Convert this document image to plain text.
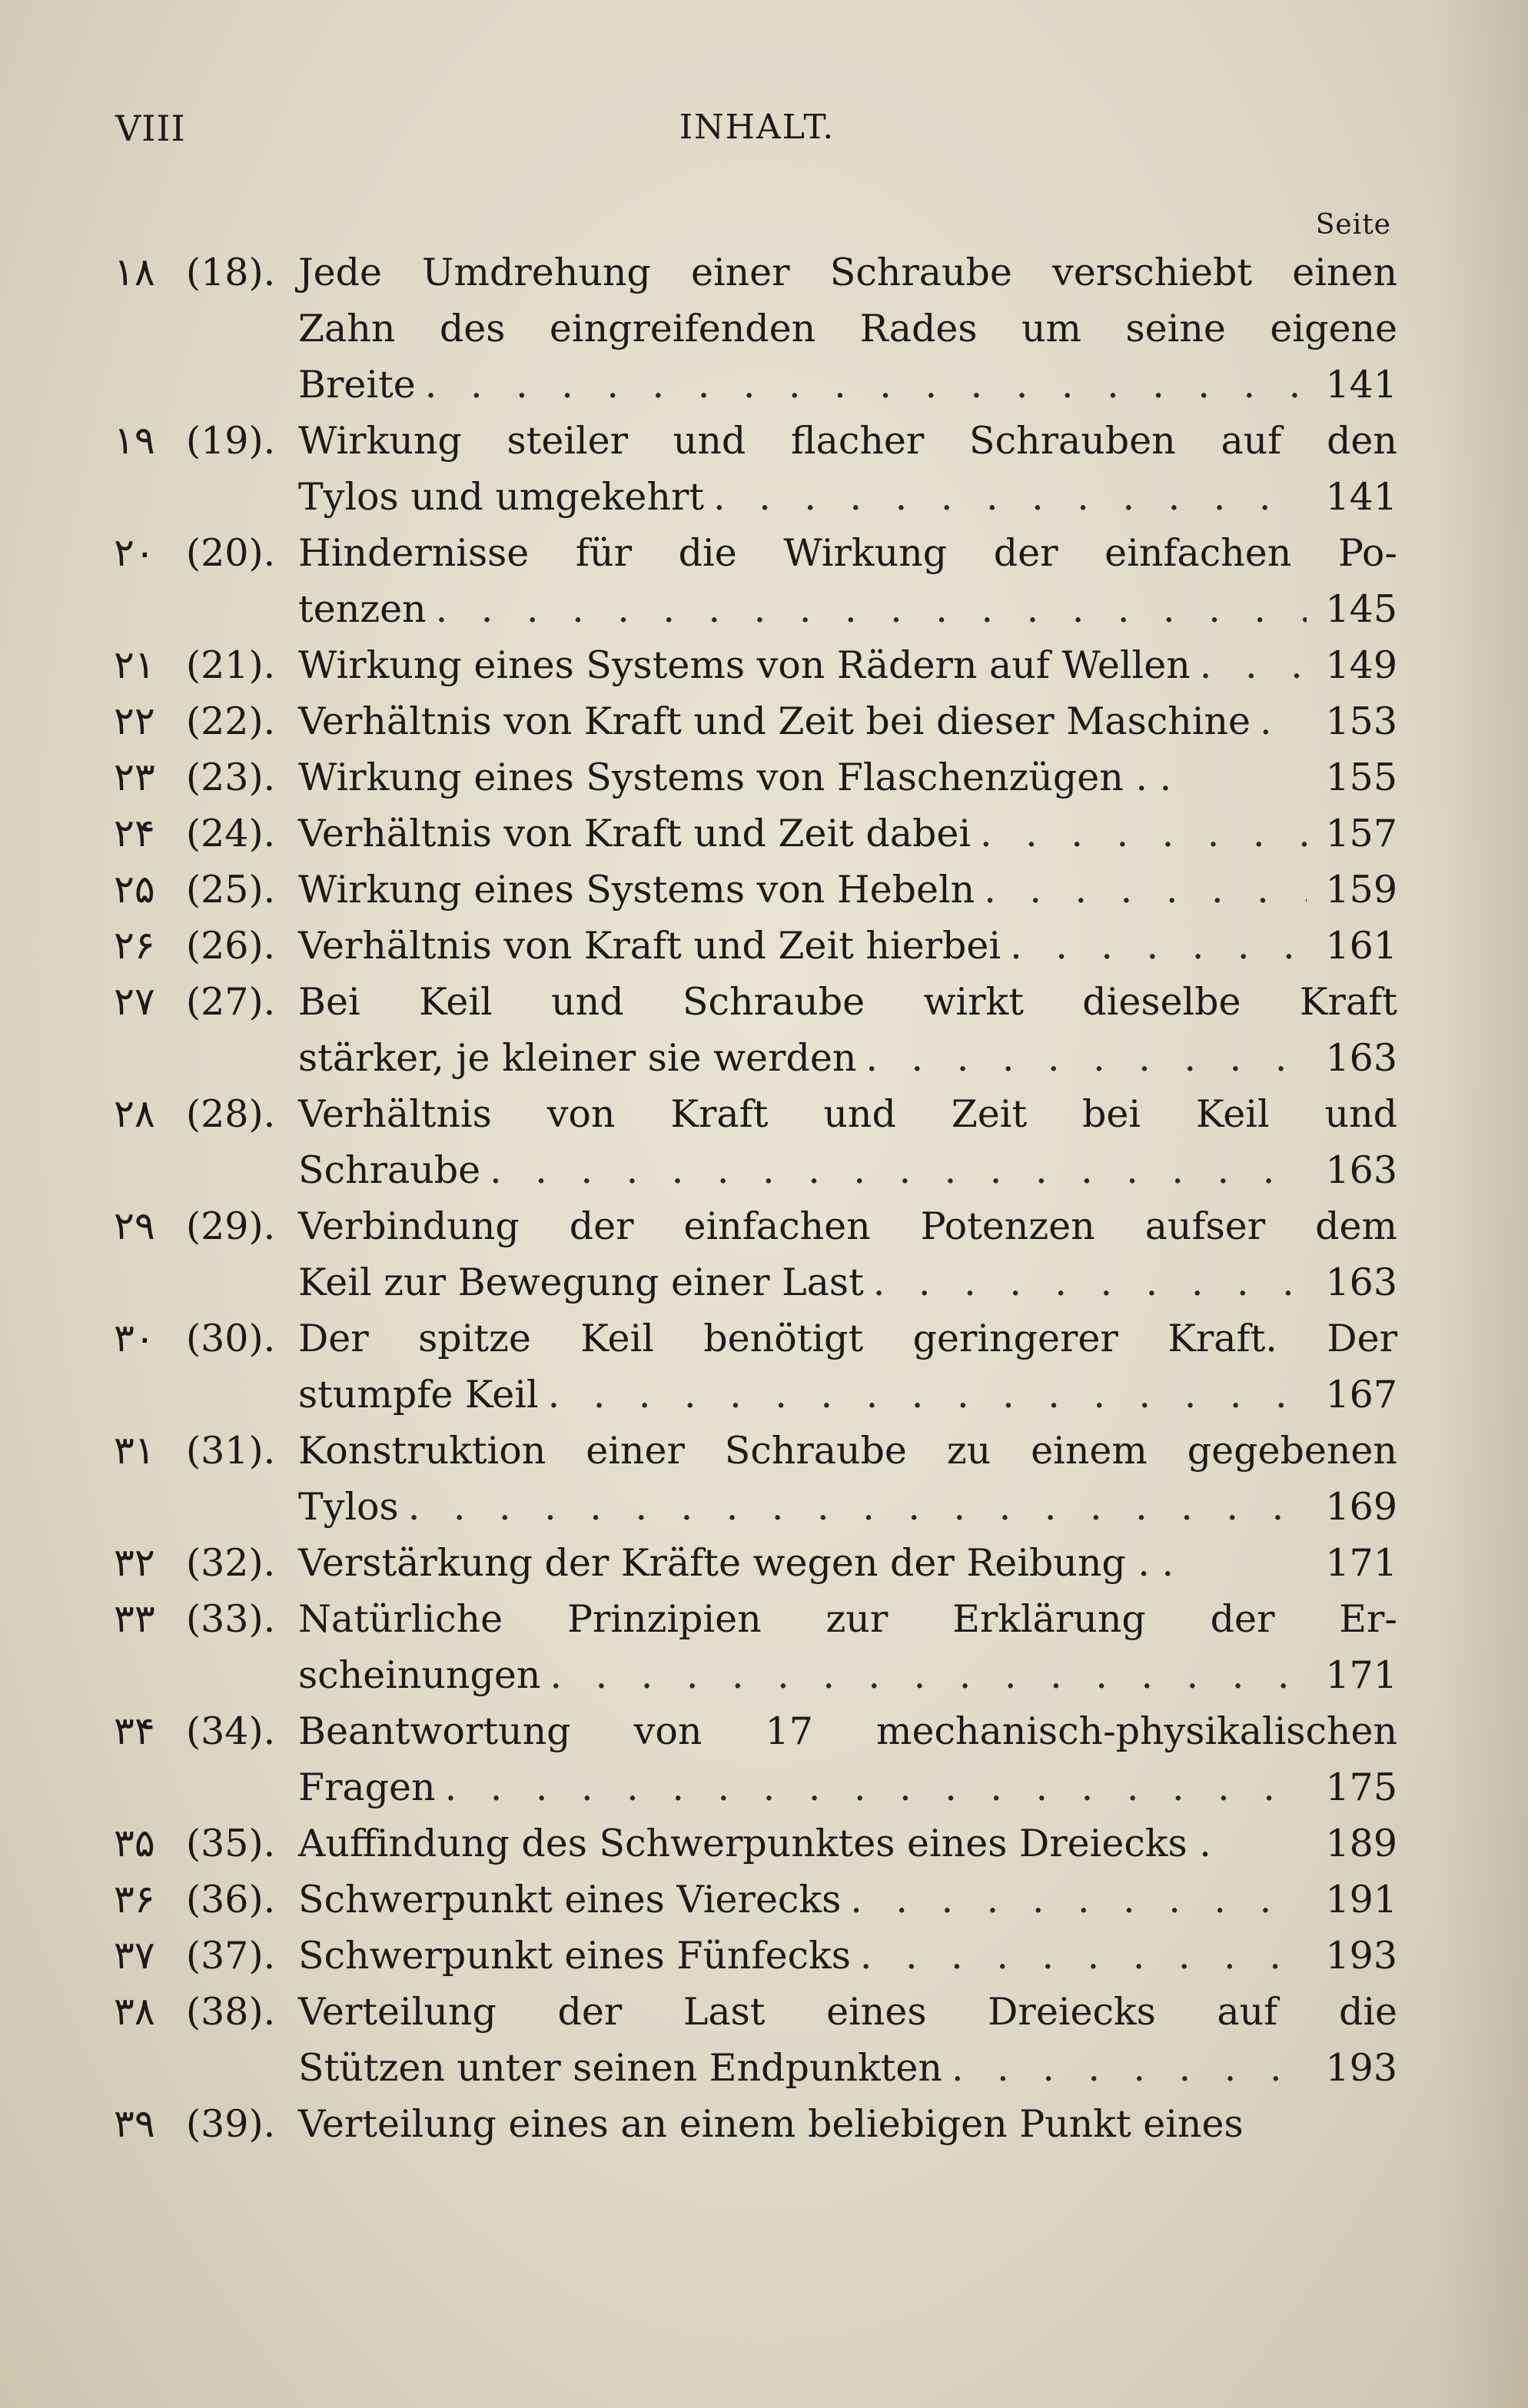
VIII	INHALT.
Seite
۱۸ (18). Jede Umdrehung einer Schraube verschiebt einen
Zahn des eingreifenden Rades um seine eigene
Breite . . .	141
۱۹ (19). Wirkung steiler und flacher Schrauben auf den
Tylos und umgekehrt . . .	141
۲۰ (20). Hindernisse für die Wirkung der einfachen Po-
tenzen . . .	145
۲۱ (21). Wirkung eines Systems von Rädern auf Wellen . . .	149
۲۲ (22). Verhältnis von Kraft und Zeit bei dieser Maschine . . .	153
۲۳ (23). Wirkung eines Systems von Flaschenzügen . .	155
۲۴ (24). Verhältnis von Kraft und Zeit dabei . . .	157
۲۵ (25). Wirkung eines Systems von Hebeln . . .	159
۲۶ (26). Verhältnis von Kraft und Zeit hierbei . . .	161
۲۷ (27). Bei Keil und Schraube wirkt dieselbe Kraft
stärker, je kleiner sie werden . . .	163
۲۸ (28). Verhältnis von Kraft und Zeit bei Keil und
Schraube . . .	163
۲۹ (29). Verbindung der einfachen Potenzen aufser dem
Keil zur Bewegung einer Last . . .	163
۳۰ (30). Der spitze Keil benötigt geringerer Kraft. Der
stumpfe Keil . . .	167
۳۱ (31). Konstruktion einer Schraube zu einem gegebenen
Tylos . . .	169
۳۲ (32). Verstärkung der Kräfte wegen der Reibung . .	171
۳۳ (33). Natürliche Prinzipien zur Erklärung der Er-
scheinungen . . .	171
۳۴ (34). Beantwortung von 17 mechanisch-physikalischen
Fragen . . .	175
۳۵ (35). Auffindung des Schwerpunktes eines Dreiecks .	189
۳۶ (36). Schwerpunkt eines Vierecks . . .	191
۳۷ (37). Schwerpunkt eines Fünfecks . . .	193
۳۸ (38). Verteilung der Last eines Dreiecks auf die
Stützen unter seinen Endpunkten . . .	193
۳۹ (39). Verteilung eines an einem beliebigen Punkt eines
